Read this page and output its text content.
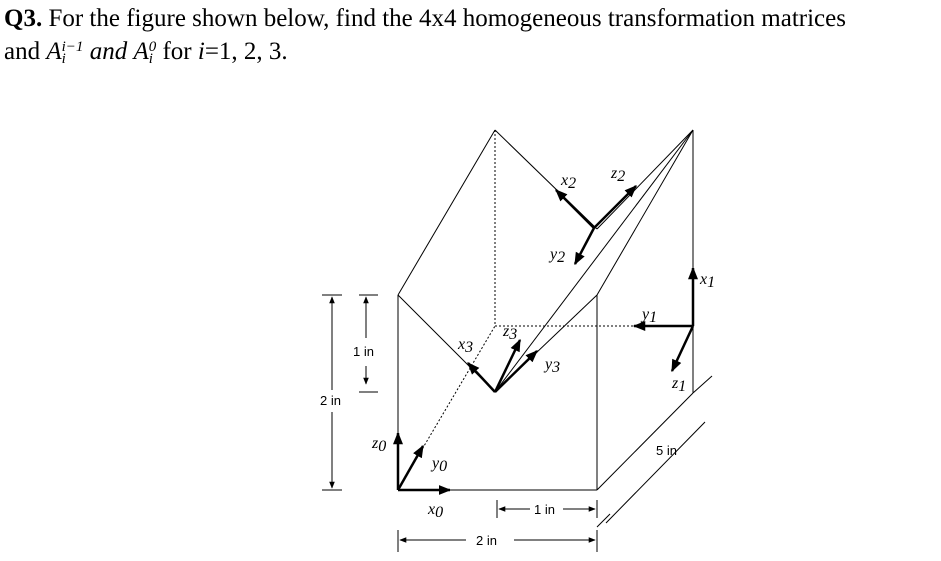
Q3. For the figure shown below, find the 4x4 homogeneous transformation matrices
and A i−1
i and A 0
i for i=1, 2, 3.
1 in
2 in
1 in
2 in
5 in
z0
y0
x0
x1
y1
z1
x2
z2
y2
x3
z3
y3
